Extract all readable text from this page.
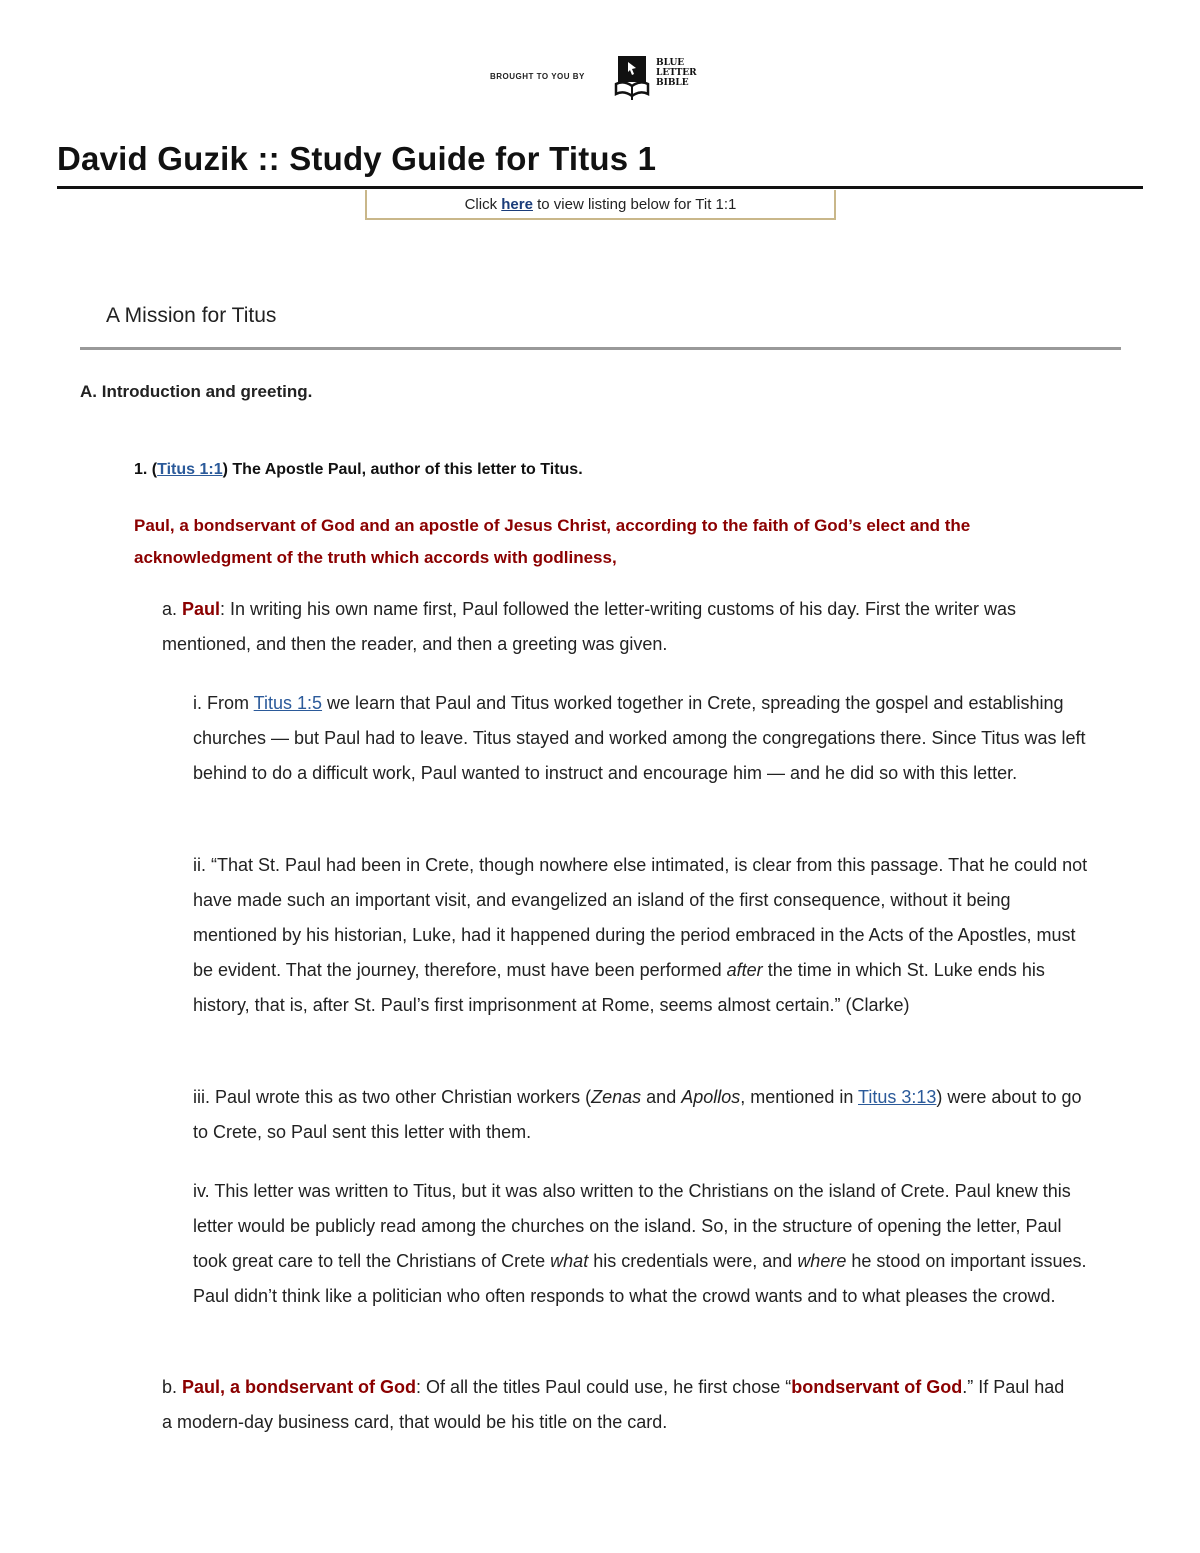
BROUGHT TO YOU BY
BLUE
LETTER
BIBLE
David Guzik :: Study Guide for Titus 1
Click here to view listing below for Tit 1:1
A Mission for Titus
A. Introduction and greeting.
1. (Titus 1:1) The Apostle Paul, author of this letter to Titus.

Paul, a bondservant of God and an apostle of Jesus Christ, according to the faith of God’s elect and the acknowledgment of the truth which accords with godliness,

a. Paul: In writing his own name first, Paul followed the letter-writing customs of his day. First the writer was mentioned, and then the reader, and then a greeting was given.

i. From Titus 1:5 we learn that Paul and Titus worked together in Crete, spreading the gospel and establishing churches — but Paul had to leave. Titus stayed and worked among the congregations there. Since Titus was left behind to do a difficult work, Paul wanted to instruct and encourage him — and he did so with this letter.

ii. “That St. Paul had been in Crete, though nowhere else intimated, is clear from this passage. That he could not have made such an important visit, and evangelized an island of the first consequence, without it being mentioned by his historian, Luke, had it happened during the period embraced in the Acts of the Apostles, must be evident. That the journey, therefore, must have been performed after the time in which St. Luke ends his history, that is, after St. Paul’s first imprisonment at Rome, seems almost certain.” (Clarke)

iii. Paul wrote this as two other Christian workers (Zenas and Apollos, mentioned in Titus 3:13) were about to go to Crete, so Paul sent this letter with them.

iv. This letter was written to Titus, but it was also written to the Christians on the island of Crete. Paul knew this letter would be publicly read among the churches on the island. So, in the structure of opening the letter, Paul took great care to tell the Christians of Crete what his credentials were, and where he stood on important issues. Paul didn’t think like a politician who often responds to what the crowd wants and to what pleases the crowd.

b. Paul, a bondservant of God: Of all the titles Paul could use, he first chose “bondservant of God.” If Paul had a modern-day business card, that would be his title on the card.
